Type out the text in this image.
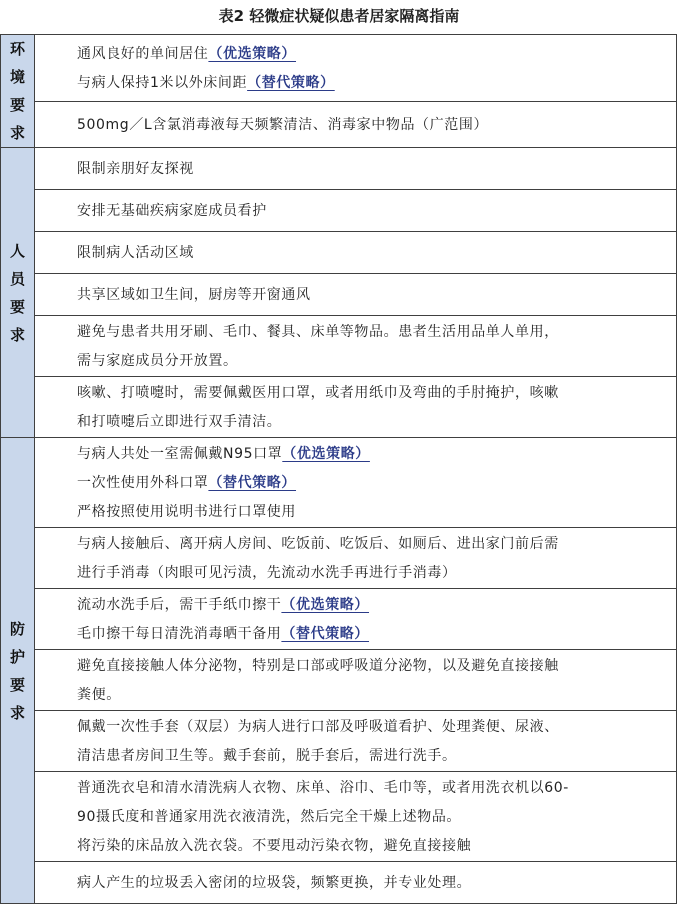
表2 轻微症状疑似患者居家隔离指南
环
境
要
求	通风良好的单间居住（优选策略）
与病人保持1米以外床间距（替代策略）

	500mg／L含氯消毒液每天频繁清洁、消毒家中物品（广范围）

人
员
要
求	限制亲朋好友探视

	安排无基础疾病家庭成员看护

	限制病人活动区域

	共享区域如卫生间，厨房等开窗通风

	避免与患者共用牙刷、毛巾、餐具、床单等物品。患者生活用品单人单用，
需与家庭成员分开放置。

	咳嗽、打喷嚏时，需要佩戴医用口罩，或者用纸巾及弯曲的手肘掩护，咳嗽
和打喷嚏后立即进行双手清洁。

防
护
要
求	与病人共处一室需佩戴N95口罩（优选策略）
一次性使用外科口罩（替代策略）
严格按照使用说明书进行口罩使用

	与病人接触后、离开病人房间、吃饭前、吃饭后、如厕后、进出家门前后需
进行手消毒（肉眼可见污渍，先流动水洗手再进行手消毒）

	流动水洗手后，需干手纸巾擦干（优选策略）
毛巾擦干每日清洗消毒晒干备用（替代策略）

	避免直接接触人体分泌物，特别是口部或呼吸道分泌物，以及避免直接接触
粪便。

	佩戴一次性手套（双层）为病人进行口部及呼吸道看护、处理粪便、尿液、
清洁患者房间卫生等。戴手套前，脱手套后，需进行洗手。

	普通洗衣皂和清水清洗病人衣物、床单、浴巾、毛巾等，或者用洗衣机以60-
90摄氏度和普通家用洗衣液清洗，然后完全干燥上述物品。
将污染的床品放入洗衣袋。不要甩动污染衣物，避免直接接触

	病人产生的垃圾丢入密闭的垃圾袋，频繁更换，并专业处理。
